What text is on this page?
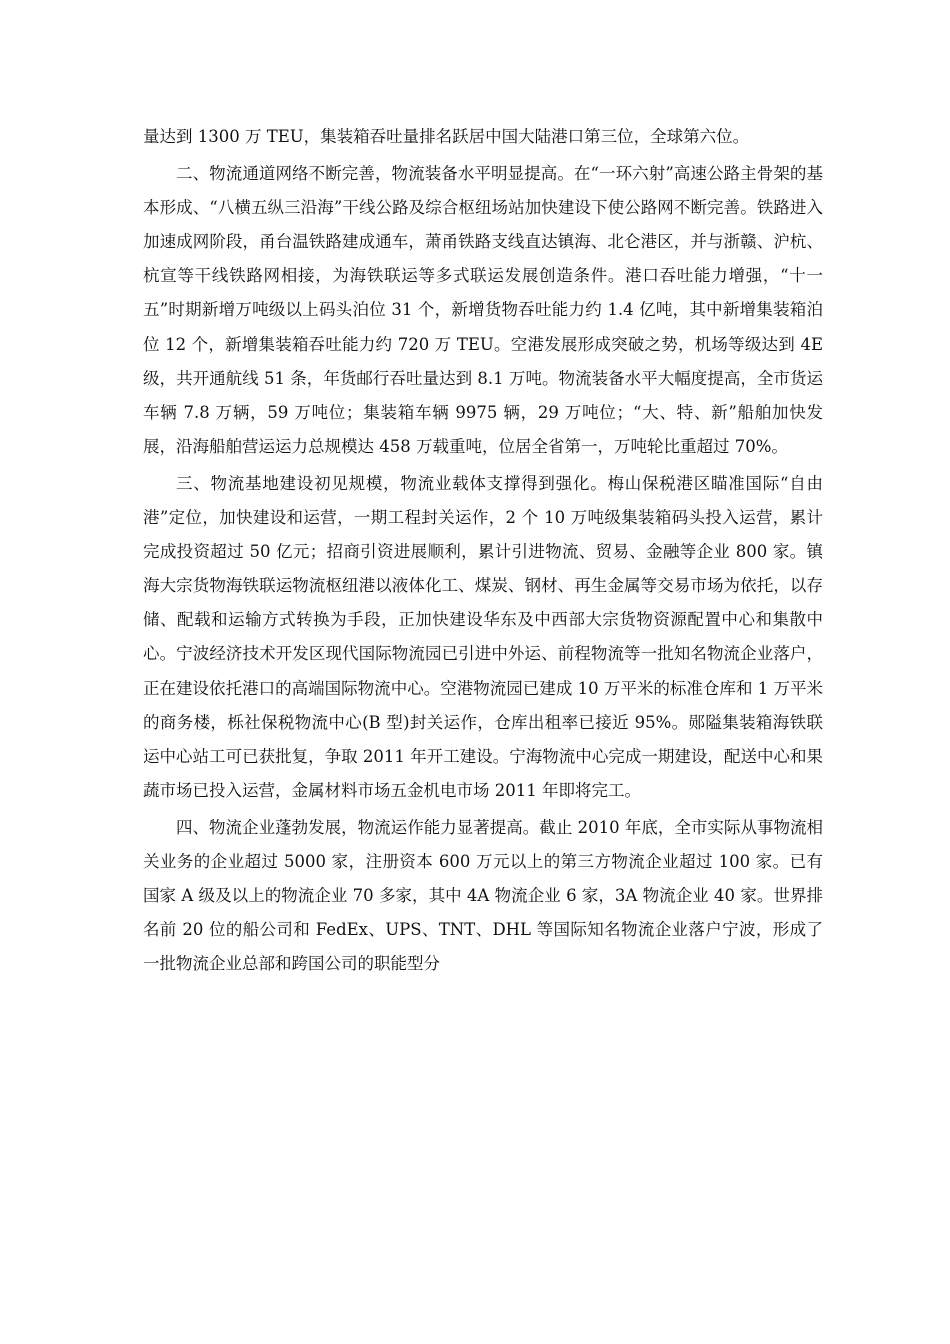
量达到 1300 万 TEU，集装箱吞吐量排名跃居中国大陆港口第三位，全球第六位。

二、物流通道网络不断完善，物流装备水平明显提高。在“一环六射”高速公路主骨架的基本形成、“八横五纵三沿海”干线公路及综合枢纽场站加快建设下使公路网不断完善。铁路进入加速成网阶段，甬台温铁路建成通车，萧甬铁路支线直达镇海、北仑港区，并与浙赣、沪杭、杭宣等干线铁路网相接，为海铁联运等多式联运发展创造条件。港口吞吐能力增强，“十一五”时期新增万吨级以上码头泊位 31 个，新增货物吞吐能力约 1.4 亿吨，其中新增集装箱泊位 12 个，新增集装箱吞吐能力约 720 万 TEU。空港发展形成突破之势，机场等级达到 4E 级，共开通航线 51 条，年货邮行吞吐量达到 8.1 万吨。物流装备水平大幅度提高，全市货运车辆 7.8 万辆，59 万吨位；集装箱车辆 9975 辆，29 万吨位；“大、特、新”船舶加快发展，沿海船舶营运运力总规模达 458 万载重吨，位居全省第一，万吨轮比重超过 70%。

三、物流基地建设初见规模，物流业载体支撑得到强化。梅山保税港区瞄准国际“自由港”定位，加快建设和运营，一期工程封关运作，2 个 10 万吨级集装箱码头投入运营，累计完成投资超过 50 亿元；招商引资进展顺利，累计引进物流、贸易、金融等企业 800 家。镇海大宗货物海铁联运物流枢纽港以液体化工、煤炭、钢材、再生金属等交易市场为依托，以存储、配载和运输方式转换为手段，正加快建设华东及中西部大宗货物资源配置中心和集散中心。宁波经济技术开发区现代国际物流园已引进中外运、前程物流等一批知名物流企业落户，正在建设依托港口的高端国际物流中心。空港物流园已建成 10 万平米的标准仓库和 1 万平米的商务楼，栎社保税物流中心(B 型)封关运作，仓库出租率已接近 95%。郧隘集装箱海铁联运中心站工可已获批复，争取 2011 年开工建设。宁海物流中心完成一期建设，配送中心和果蔬市场已投入运营，金属材料市场五金机电市场 2011 年即将完工。

四、物流企业蓬勃发展，物流运作能力显著提高。截止 2010 年底，全市实际从事物流相关业务的企业超过 5000 家，注册资本 600 万元以上的第三方物流企业超过 100 家。已有国家 A 级及以上的物流企业 70 多家，其中 4A 物流企业 6 家，3A 物流企业 40 家。世界排名前 20 位的船公司和 FedEx、UPS、TNT、DHL 等国际知名物流企业落户宁波，形成了一批物流企业总部和跨国公司的职能型分
